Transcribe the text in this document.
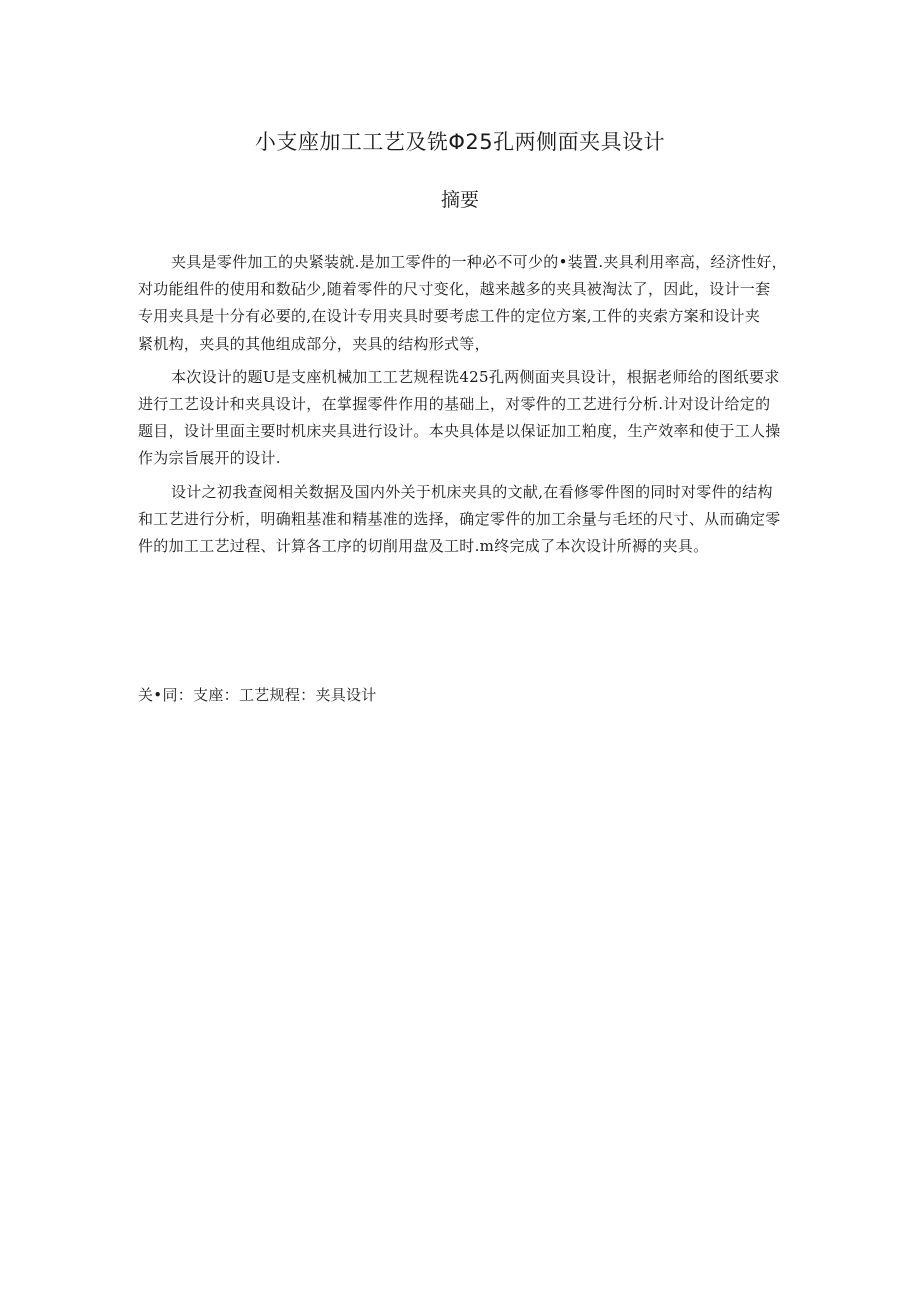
小支座加工工艺及铣Φ25孔两侧面夹具设计
摘要

夹具是零件加工的央紧装就.是加工零件的一种必不可少的•装置.夹具利用率高，经济性好，
对功能组件的使用和数砧少,随着零件的尺寸变化，越来越多的夹具被淘汰了，因此，设计一套
专用夹具是十分有必要的,在设计专用夹具时要考虑工件的定位方案,工件的夹索方案和设计夹
紧机构，夹具的其他组成部分，夹具的结构形式等，

本次设计的题U是支座机械加工工艺规程诜425孔两侧面夹具设计，根据老师给的图纸要求
进行工艺设计和夹具设计，在掌握零件作用的基础上，对零件的工艺进行分析.计对设计给定的
题目，设计里面主要时机床夹具进行设计。本央具体是以保证加工粕度，生产效率和使于工人操
作为宗旨展开的设计.

设计之初我查阅相关数据及国内外关于机床夹具的文献,在看修零件图的同时对零件的结构
和工艺进行分析，明确粗基准和精基准的选择，确定零件的加工余量与毛坯的尺寸、从而确定零
件的加工工艺过程、计算各工序的切削用盘及工时.m终完成了本次设计所褥的夹具。

关•同：支座：工艺规程：夹具设计
